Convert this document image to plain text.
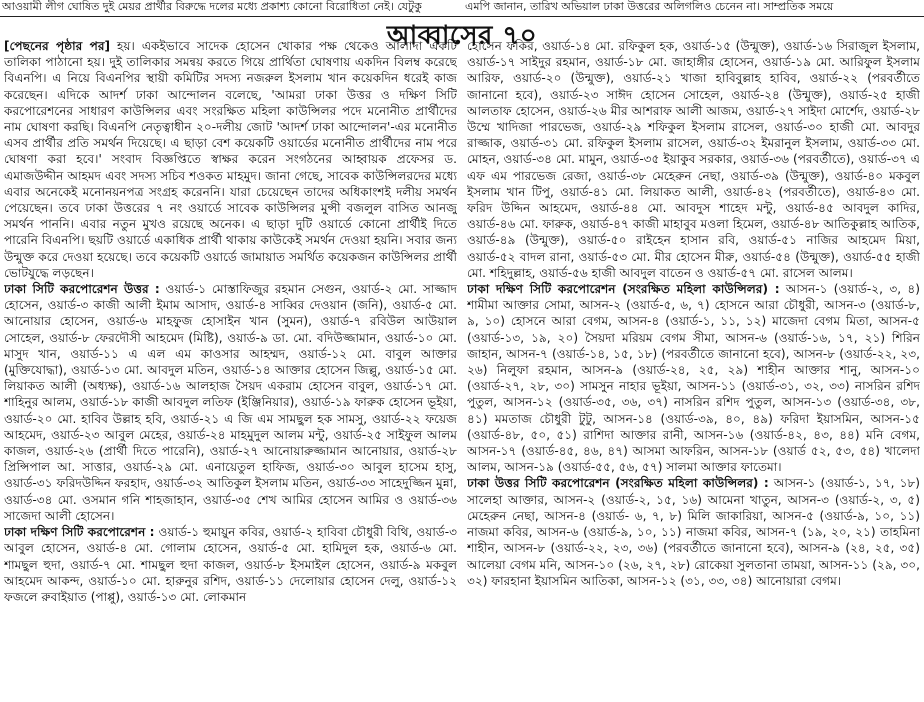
আওয়ামী লীগ ঘোষিত দুই মেয়র প্রার্থীর বিরুদ্ধে দলের মধ্যে প্রকাশ্য কোনো বিরোধিতা নেই। যেটুকু	এমপি জানান, তারিখ অভিয়াল ঢাকা উত্তরের অলিগলিও চেনেন না। সাম্প্রতিক সময়ে
আব্বাসের ৭০

[পেছনের পৃষ্ঠার পর] হয়। একইভাবে সাদেক হোসেন খোকার পক্ষ থেকেও আলাদা একটি তালিকা পাঠানো হয়। দুই তালিকার সমন্বয় করতে গিয়ে প্রার্থিতা ঘোষণায় একদিন বিলম্ব করেছে বিএনপি। এ নিয়ে বিএনপির স্থায়ী কমিটির সদস্য নজরুল ইসলাম খান কয়েকদিন ধরেই কাজ করেছেন। এদিকে আদর্শ ঢাকা আন্দোলন বলেছে, 'আমরা ঢাকা উত্তর ও দক্ষিণ সিটি করপোরেশনের সাধারণ কাউন্সিলর এবং সংরক্ষিত মহিলা কাউন্সিলর পদে মনোনীত প্রার্থীদের নাম ঘোষণা করছি। বিএনপি নেতৃত্বাধীন ২০-দলীয় জোট 'আদর্শ ঢাকা আন্দোলন'-এর মনোনীত এসব প্রার্থীর প্রতি সমর্থন দিয়েছে। এ ছাড়া বেশ কয়েকটি ওয়ার্ডের মনোনীত প্রার্থীদের নাম পরে ঘোষণা করা হবে।' সংবাদ বিজ্ঞপ্তিতে স্বাক্ষর করেন সংগঠনের আহ্বায়ক প্রফেসর ড. এমাজউদ্দীন আহমদ এবং সদস্য সচিব শওকত মাহমুদ। জানা গেছে, সাবেক কাউন্সিলরদের মধ্যে এবার অনেকেই মনোনয়নপত্র সংগ্রহ করেননি। যারা চেয়েছেন তাদের অধিকাংশই দলীয় সমর্থন পেয়েছেন। তবে ঢাকা উত্তরের ৭ নং ওয়ার্ডে সাবেক কাউন্সিলর মুন্সী বজলুল বাসিত আনজু সমর্থন পাননি। এবার নতুন মুখও রয়েছে অনেক। এ ছাড়া দুটি ওয়ার্ডে কোনো প্রার্থীই দিতে পারেনি বিএনপি। ছয়টি ওয়ার্ডে একাধিক প্রার্থী থাকায় কাউকেই সমর্থন দেওয়া হয়নি। সবার জন্য উন্মুক্ত করে দেওয়া হয়েছে। তবে কয়েকটি ওয়ার্ডে জামায়াত সমর্থিত কয়েকজন কাউন্সিলর প্রার্থী ভোটযুদ্ধে লড়ছেন।

ঢাকা সিটি করপোরেশন উত্তর : ওয়ার্ড-১ মোস্তাফিজুর রহমান সেগুন, ওয়ার্ড-২ মো. সাজ্জাদ হোসেন, ওয়ার্ড-৩ কাজী আলী ইমাম আসাদ, ওয়ার্ড-৪ সাব্বির দেওয়ান (জনি), ওয়ার্ড-৫ মো. আনোয়ার হোসেন, ওয়ার্ড-৬ মাহফুজ হোসাইন খান (সুমন), ওয়ার্ড-৭ রবিউল আউয়াল সোহেল, ওয়ার্ড-৮ ফেরদৌসী আহমেদ (মিষ্টি), ওয়ার্ড-৯ ডা. মো. বদিউজ্জামান, ওয়ার্ড-১০ মো. মাসুদ খান, ওয়ার্ড-১১ এ এল এম কাওসার আহম্মদ, ওয়ার্ড-১২ মো. বাবুল আক্তার (মুক্তিযোদ্ধা), ওয়ার্ড-১৩ মো. আবদুল মতিন, ওয়ার্ড-১৪ আক্তার হোসেন জিল্লু, ওয়ার্ড-১৫ মো. লিয়াকত আলী (অধ্যক্ষ), ওয়ার্ড-১৬ আলহাজ সৈয়দ একরাম হোসেন বাবুল, ওয়ার্ড-১৭ মো. শাহিনুর আলম, ওয়ার্ড-১৮ কাজী আবদুল লতিফ (ইঞ্জিনিয়ার), ওয়ার্ড-১৯ ফারুক হোসেন ভূইয়া, ওয়ার্ড-২০ মো. হাবিব উল্লাহ হবি, ওয়ার্ড-২১ এ জি এম সামছুল হক সামসু, ওয়ার্ড-২২ ফয়েজ আহমেদ, ওয়ার্ড-২৩ আবুল মেহের, ওয়ার্ড-২৪ মাহমুদুল আলম মন্টু, ওয়ার্ড-২৫ সাইফুল আলম কাজল, ওয়ার্ড-২৬ (প্রার্থী দিতে পারেনি), ওয়ার্ড-২৭ আনোয়ারুজ্জামান আনোয়ার, ওয়ার্ড-২৮ প্রিন্সিপাল আ. সাত্তার, ওয়ার্ড-২৯ মো. এনায়েতুল হাফিজ, ওয়ার্ড-৩০ আবুল হাসেম হাসু, ওয়ার্ড-৩১ ফরিদউদ্দিন ফরহাদ, ওয়ার্ড-৩২ আতিকুল ইসলাম মতিন, ওয়ার্ড-৩৩ সাহেদুজ্জিন মুন্না, ওয়ার্ড-৩৪ মো. ওসমান গনি শাহজাহান, ওয়ার্ড-৩৫ শেখ আমির হোসেন আমির ও ওয়ার্ড-৩৬ সাজেদা আলী হোসেন।

ঢাকা দক্ষিণ সিটি করপোরেশন : ওয়ার্ড-১ হুমায়ুন কবির, ওয়ার্ড-২ হাবিবা চৌধুরী বিথি, ওয়ার্ড-৩ আবুল হোসেন, ওয়ার্ড-৪ মো. গোলাম হোসেন, ওয়ার্ড-৫ মো. হামিদুল হক, ওয়ার্ড-৬ মো. শামছুল হুদা, ওয়ার্ড-৭ মো. শামছুল হুদা কাজল, ওয়ার্ড-৮ ইসমাইল হোসেন, ওয়ার্ড-৯ মকবুল আহমেদ আকন্দ, ওয়ার্ড-১০ মো. হারুনুর রশিদ, ওয়ার্ড-১১ দেলোয়ার হোসেন দেলু, ওয়ার্ড-১২ ফজলে রুবাইয়াত (পাপ্পু), ওয়ার্ড-১৩ মো. লোকমান

হোসেন ফকির, ওয়ার্ড-১৪ মো. রফিকুল হক, ওয়ার্ড-১৫ (উন্মুক্ত), ওয়ার্ড-১৬ সিরাজুল ইসলাম, ওয়ার্ড-১৭ সাইদুর রহমান, ওয়ার্ড-১৮ মো. জাহাঙ্গীর হোসেন, ওয়ার্ড-১৯ মো. আরিফুল ইসলাম আরিফ, ওয়ার্ড-২০ (উন্মুক্ত), ওয়ার্ড-২১ খাজা হাবিবুল্লাহ হাবিব, ওয়ার্ড-২২ (পরবর্তীতে জানানো হবে), ওয়ার্ড-২৩ সাঈদ হোসেন সোহেল, ওয়ার্ড-২৪ (উন্মুক্ত), ওয়ার্ড-২৫ হাজী আলতাফ হোসেন, ওয়ার্ড-২৬ মীর আশরাফ আলী আজম, ওয়ার্ড-২৭ সাইদা মোর্শেদ, ওয়ার্ড-২৮ উম্মে খাদিজা পারভেজ, ওয়ার্ড-২৯ শফিকুল ইসলাম রাসেল, ওয়ার্ড-৩০ হাজী মো. আবদুর রাজ্জাক, ওয়ার্ড-৩১ মো. রফিকুল ইসলাম রাসেল, ওয়ার্ড-৩২ ইমরানুল ইসলাম, ওয়ার্ড-৩৩ মো. মোহন, ওয়ার্ড-৩৪ মো. মামুন, ওয়ার্ড-৩৫ ইয়াকুব সরকার, ওয়ার্ড-৩৬ (পরবর্তীতে), ওয়ার্ড-৩৭ এ এফ এম পারভেজ রেজা, ওয়ার্ড-৩৮ মেহেরুন নেছা, ওয়ার্ড-৩৯ (উন্মুক্ত), ওয়ার্ড-৪০ মকবুল ইসলাম খান টিপু, ওয়ার্ড-৪১ মো. লিয়াকত আলী, ওয়ার্ড-৪২ (পরবর্তীতে), ওয়ার্ড-৪৩ মো. ফরিদ উদ্দিন আহমেদ, ওয়ার্ড-৪৪ মো. আবদুস শাহেদ মন্টু, ওয়ার্ড-৪৫ আবদুল কাদির, ওয়ার্ড-৪৬ মো. ফারুক, ওয়ার্ড-৪৭ কাজী মাহাবুব মওলা হিমেল, ওয়ার্ড-৪৮ আতিকুল্লাহ আতিক, ওয়ার্ড-৪৯ (উন্মুক্ত), ওয়ার্ড-৫০ রাইহেন হাসান রবি, ওয়ার্ড-৫১ নাজির আহমেদ মিয়া, ওয়ার্ড-৫২ বাদল রানা, ওয়ার্ড-৫৩ মো. মীর হোসেন মীরু, ওয়ার্ড-৫৪ (উন্মুক্ত), ওয়ার্ড-৫৫ হাজী মো. শহিদুল্লাহ, ওয়ার্ড-৫৬ হাজী আবদুল বাতেন ও ওয়ার্ড-৫৭ মো. রাসেল আলম।

ঢাকা দক্ষিণ সিটি করপোরেশন (সংরক্ষিত মহিলা কাউন্সিলর) : আসন-১ (ওয়ার্ড-২, ৩, ৪) শামীমা আক্তার সোমা, আসন-২ (ওয়ার্ড-৫, ৬, ৭) হোসনে আরা চৌধুরী, আসন-৩ (ওয়ার্ড-৮, ৯, ১০) হোসনে আরা বেগম, আসন-৪ (ওয়ার্ড-১, ১১, ১২) মাজেদা বেগম মিতা, আসন-৫ (ওয়ার্ড-১৩, ১৯, ২০) সৈয়দা মরিয়ম বেগম সীমা, আসন-৬ (ওয়ার্ড-১৬, ১৭, ২১) শিরিন জাহান, আসন-৭ (ওয়ার্ড-১৪, ১৫, ১৮) (পরবর্তীতে জানানো হবে), আসন-৮ (ওয়ার্ড-২২, ২৩, ২৬) নিলুফা রহমান, আসন-৯ (ওয়ার্ড-২৪, ২৫, ২৯) শাহীন আক্তার শানু, আসন-১০ (ওয়ার্ড-২৭, ২৮, ৩০) সামসুন নাহার ভূইয়া, আসন-১১ (ওয়ার্ড-৩১, ৩২, ৩৩) নাসরিন রশিদ পুতুল, আসন-১২ (ওয়ার্ড-৩৫, ৩৬, ৩৭) নাসরিন রশিদ পুতুল, আসন-১৩ (ওয়ার্ড-৩৪, ৩৮, ৪১) মমতাজ চৌধুরী টুটু, আসন-১৪ (ওয়ার্ড-৩৯, ৪০, ৪৯) ফরিদা ইয়াসমিন, আসন-১৫ (ওয়ার্ড-৪৮, ৫০, ৫১) রাশিদা আক্তার রানী, আসন-১৬ (ওয়ার্ড-৪২, ৪৩, ৪৪) মনি বেগম, আসন-১৭ (ওয়ার্ড-৪৫, ৪৬, ৪৭) আসমা আফরিন, আসন-১৮ (ওয়ার্ড ৫২, ৫৩, ৫৪) খালেদা আলম, আসন-১৯ (ওয়ার্ড-৫৫, ৫৬, ৫৭) সালমা আক্তার ফাতেমা।

ঢাকা উত্তর সিটি করপোরেশন (সংরক্ষিত মহিলা কাউন্সিলর) : আসন-১ (ওয়ার্ড-১, ১৭, ১৮) সালেহা আক্তার, আসন-২ (ওয়ার্ড-২, ১৫, ১৬) আমেনা খাতুন, আসন-৩ (ওয়ার্ড-২, ৩, ৫) মেহেরুন নেছা, আসন-৪ (ওয়ার্ড- ৬, ৭, ৮) মিলি জাকারিয়া, আসন-৫ (ওয়ার্ড-৯, ১০, ১১) নাজমা কবির, আসন-৬ (ওয়ার্ড-৯, ১০, ১১) নাজমা কবির, আসন-৭ (১৯, ২০, ২১) তাহমিনা শাহীন, আসন-৮ (ওয়ার্ড-২২, ২৩, ৩৬) (পরবর্তীতে জানানো হবে), আসন-৯ (২৪, ২৫, ৩৫) আলেয়া বেগম মনি, আসন-১০ (২৬, ২৭, ২৮) রোকেয়া সুলতানা তাময়া, আসন-১১ (২৯, ৩০, ৩২) ফারহানা ইয়াসমিন আতিকা, আসন-১২ (৩১, ৩৩, ৩৪) আনোয়ারা বেগম।
